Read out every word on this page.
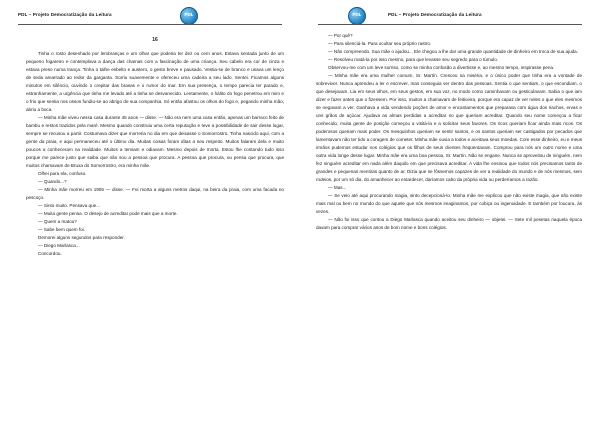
PDL – Projeto Democratização da Leitura	PDL

16

Tinha o rosto desenhado por lembranças e um olhar que poderia ter dez ou cem anos. Estava sentada junto de um pequeno fogareiro e contemplava a dança das chamas com a fascinação de uma criança. Seu cabelo era cor de cinza e estava preso numa trança. Tinha o talhe esbelto e austero, o gesto breve e pausado. Vestia-se de branco e usava um lenço de seda amarrado ao redor da garganta. Sorriu suavemente e ofereceu uma cadeira a seu lado. Sentei. Ficamos alguns minutos em silêncio, ouvindo o crepitar das brasas e o rumor do mar. Em sua presença, o tempo parecia ter parado e, estranhamente, a urgência que tinha me levado até a tinha se desvanecido. Lentamente, o hálito do fogo penetrou em mim e o frio que sentia nos ossos fundiu-se ao abrigo de sua companhia. Só então afastou os olhos do fogo e, pegando minha mão, abriu a boca.

— Minha mãe viveu nessa casa durante 45 anos — disse. — Não era nem uma casa então, apenas um barraco feito de bambu e restos trazidos pela maré. Mesmo quando construiu uma certa reputação e teve a possibilidade de sair desse lugar, sempre se recusou a partir. Costumava dizer que morreria no dia em que deixasse o Somorrostro. Tinha nascido aqui, com a gente da praia, e aqui permaneceu até o último dia. Muitas coisas foram ditas a seu respeito. Muitos falaram dela e muito poucos a conheceram na realidade. Muitos a temiam e odiavam. Mesmo depois de morta. Estou lhe contando tudo isso porque me parece justo que saiba que não sou a pessoa que procura. A pessoa que procura, ou pensa que procura, que muitos chamavam de Bruxa do Somorrostro, era minha mãe.

Olhei para ela, confuso.

— Quando...?

— Minha mãe morreu em 1905 — disse. — Foi morta a alguns metros daqui, na beira da praia, com uma facada no pescoço.

— Sinto muito. Pensava que...

— Muita gente pensa. O desejo de acreditar pode mais que a morte.

— Quem a matou?

— Sabe bem quem foi.

Demorei alguns segundos para responder.

— Diego Marlasca...

Concordou.

PDL	PDL – Projeto Democratização da Leitura

— Por quê?

— Para silenciá-la. Para ocultar seu próprio rastro.

— Não compreendo. Sua mãe o ajudou... Ele chegou a lhe dar uma grande quantidade de dinheiro em troca de sua ajuda.

— Resolveu matá-la por isso mesmo, para que levasse seu segredo para o túmulo.

Observou-me com um leve sorriso, como se minha confusão a divertisse e, ao mesmo tempo, inspirasse pena.

— Minha mãe era uma mulher comum, Sr. Martín. Cresceu na miséria, e o único poder que tinha era a vontade de sobreviver. Nunca aprendeu a ler e escrever, mas conseguia ver dentro das pessoas. Sentia o que sentiam, o que escondiam, o que desejavam. Lia em seus olhos, em seus gestos, em sua voz, no modo como caminhavam ou gesticulavam. Sabia o que iam dizer e fazer antes que o fizessem. Por isso, muitos a chamavam de feiticeira, porque era capaz de ver neles o que eles mesmos se negavam a ver. Ganhava a vida vendendo poções de amor e encantamentos que preparava com água dos riachos, ervas e uns grãos de açúcar. Ajudava as almas perdidas a acreditar no que queriam acreditar. Quando seu nome começou a ficar conhecido, muita gente de posição começou a visitá-la e a solicitar seus favores. Os ricos queriam ficar ainda mais ricos. Os poderosos queriam mais poder. Os mesquinhos queriam se sentir santos, e os santos queriam ser castigados por pecados que lamentavam não ter tido a coragem de cometer. Minha mãe ouvia a todos e aceitava seus moedas. Com esse dinheiro, eu e meus irmãos pudemos estudar nos colégios que os filhos de seus clientes freqüentavam. Comprou para nós um outro nome e uma outra vida longe desse lugar. Minha mãe era uma boa pessoa, Sr. Martín. Não se engane. Nunca se aproveitou de ninguém, nem fez ninguém acreditar em nada além daquilo em que precisava acreditar. A vida lhe ensinou que todos nós precisamos tanto de grandes e pequenas mentiras quanto de ar. Dizia que se fôssemos capazes de ver a realidade do mundo e de nós mesmos, sem rodeios, por um só dia, do amanhecer ao entardecer, daríamos cabo da própria vida ou perderíamos a razão.

— Mas...

— Se veio até aqui procurando magia, sinto decepcioná-lo. Minha mãe me explicou que não existe magia, que não existe mais mal ou bem no mundo do que aquele que nós mesmos imaginamos, por cobiça ou ingenuidade. E também por loucura, às vezes.

— Não foi isso que contou a Diego Marlasca quando aceitou seu dinheiro — objetei. — Sete mil pesetas naquela época davam para comprar vários anos de bom nome e bons colégios.
